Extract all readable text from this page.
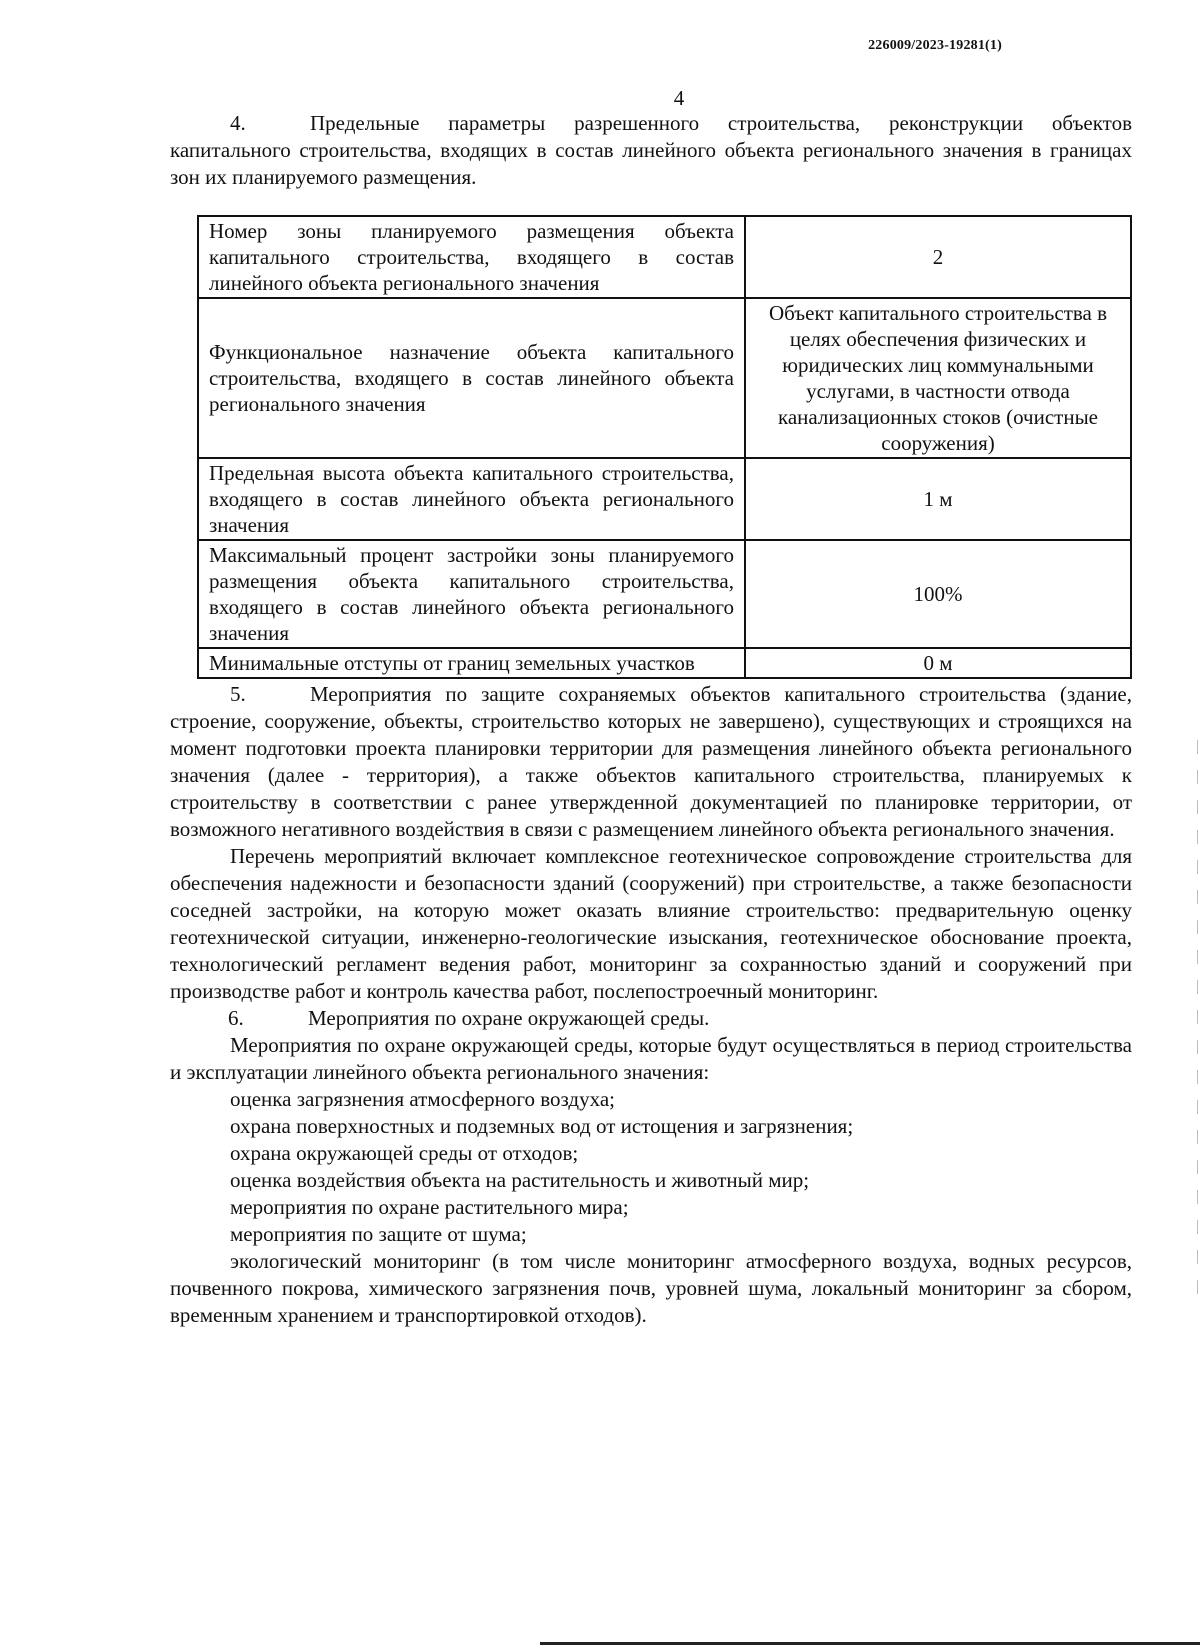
226009/2023-19281(1)
4

4.	Предельные параметры разрешенного строительства, реконструкции объектов капитального строительства, входящих в состав линейного объекта регионального значения в границах зон их планируемого размещения.

Номер зоны планируемого размещения объекта капитального строительства, входящего в состав линейного объекта регионального значения	2
Функциональное назначение объекта капитального строительства, входящего в состав линейного объекта регионального значения	Объект капитального строительства в целях обеспечения физических и юридических лиц коммунальными услугами, в частности отвода канализационных стоков (очистные сооружения)
Предельная высота объекта капитального строительства, входящего в состав линейного объекта регионального значения	1 м
Максимальный процент застройки зоны планируемого размещения объекта капитального строительства, входящего в состав линейного объекта регионального значения	100%
Минимальные отступы от границ земельных участков	0 м

5.	Мероприятия по защите сохраняемых объектов капитального строительства (здание, строение, сооружение, объекты, строительство которых не завершено), существующих и строящихся на момент подготовки проекта планировки территории для размещения линейного объекта регионального значения (далее - территория), а также объектов капитального строительства, планируемых к строительству в соответствии с ранее утвержденной документацией по планировке территории, от возможного негативного воздействия в связи с размещением линейного объекта регионального значения.

Перечень мероприятий включает комплексное геотехническое сопровождение строительства для обеспечения надежности и безопасности зданий (сооружений) при строительстве, а также безопасности соседней застройки, на которую может оказать влияние строительство: предварительную оценку геотехнической ситуации, инженерно-геологические изыскания, геотехническое обоснование проекта, технологический регламент ведения работ, мониторинг за сохранностью зданий и сооружений при производстве работ и контроль качества работ, послепостроечный мониторинг.

6.	Мероприятия по охране окружающей среды.

Мероприятия по охране окружающей среды, которые будут осуществляться в период строительства и эксплуатации линейного объекта регионального значения:

оценка загрязнения атмосферного воздуха;

охрана поверхностных и подземных вод от истощения и загрязнения;

охрана окружающей среды от отходов;

оценка воздействия объекта на растительность и животный мир;

мероприятия по охране растительного мира;

мероприятия по защите от шума;

экологический мониторинг (в том числе мониторинг атмосферного воздуха, водных ресурсов, почвенного покрова, химического загрязнения почв, уровней шума, локальный мониторинг за сбором, временным хранением и транспортировкой отходов).
